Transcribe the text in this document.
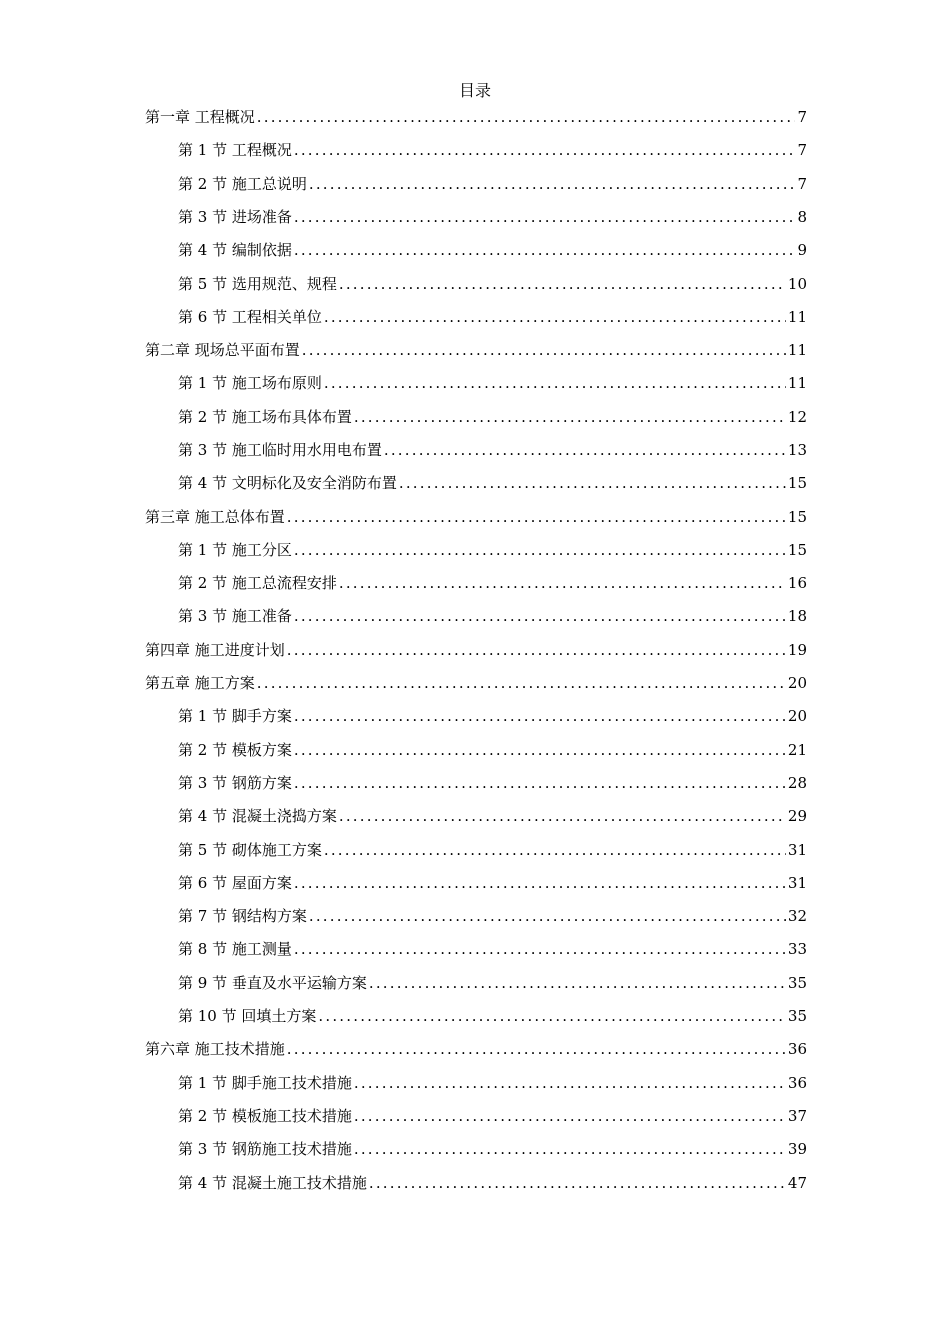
目录
第一章 工程概况 .....	7
第 1 节 工程概况 .....	7
第 2 节 施工总说明 .....	7
第 3 节 进场准备 .....	8
第 4 节 编制依据 .....	9
第 5 节 选用规范、规程 .....	10
第 6 节 工程相关单位 .....	11
第二章 现场总平面布置 .....	11
第 1 节 施工场布原则 .....	11
第 2 节 施工场布具体布置 .....	12
第 3 节 施工临时用水用电布置 .....	13
第 4 节 文明标化及安全消防布置 .....	15
第三章 施工总体布置 .....	15
第 1 节 施工分区 .....	15
第 2 节 施工总流程安排 .....	16
第 3 节 施工准备 .....	18
第四章 施工进度计划 .....	19
第五章 施工方案 .....	20
第 1 节 脚手方案 .....	20
第 2 节 模板方案 .....	21
第 3 节 钢筋方案 .....	28
第 4 节 混凝土浇捣方案 .....	29
第 5 节 砌体施工方案 .....	31
第 6 节 屋面方案 .....	31
第 7 节 钢结构方案 .....	32
第 8 节 施工测量 .....	33
第 9 节 垂直及水平运输方案 .....	35
第 10 节 回填土方案 .....	35
第六章 施工技术措施 .....	36
第 1 节 脚手施工技术措施 .....	36
第 2 节 模板施工技术措施 .....	37
第 3 节 钢筋施工技术措施 .....	39
第 4 节 混凝土施工技术措施 .....	47
